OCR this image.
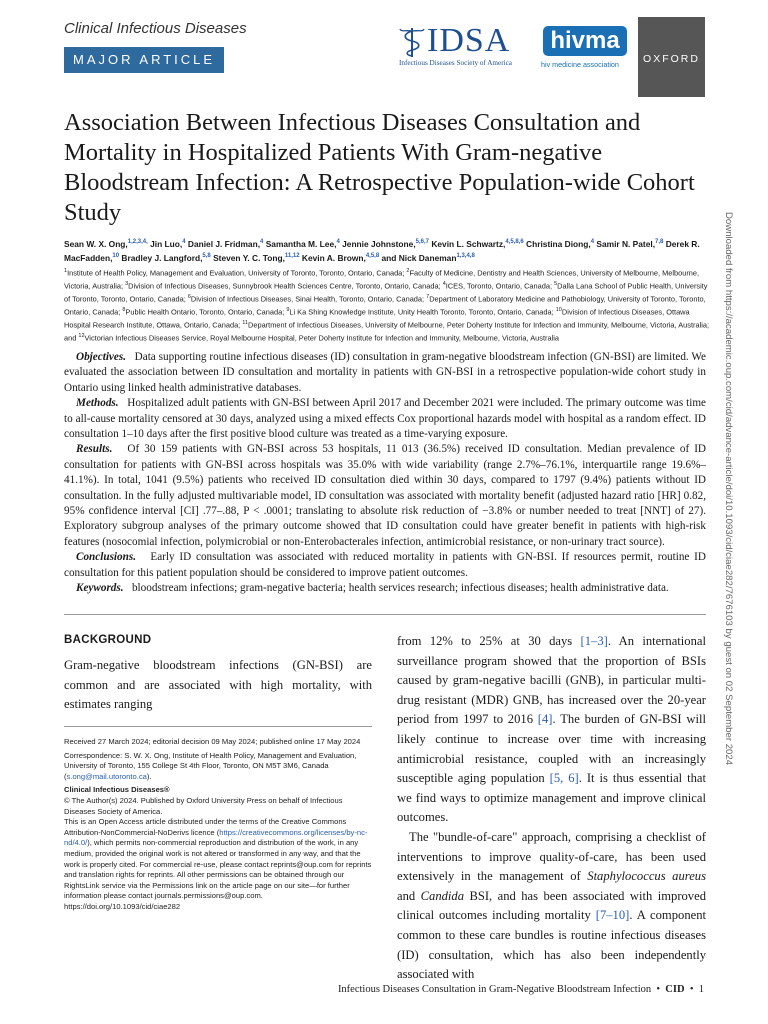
Clinical Infectious Diseases
MAJOR ARTICLE
IDSA
Infectious Diseases Society of America
hivma
hiv medicine association	OXFORD
Association Between Infectious Diseases Consultation and Mortality in Hospitalized Patients With Gram-negative Bloodstream Infection: A Retrospective Population-wide Cohort Study
Sean W. X. Ong,$^{1,2,3,4,}$ Jin Luo,$^4$ Daniel J. Fridman,$^4$ Samantha M. Lee,$^4$ Jennie Johnstone,$^{5,6,7}$ Kevin L. Schwartz,$^{4,5,8,6}$ Christina Diong,$^4$ Samir N. Patel,$^{7,8}$ Derek R. MacFadden,$^{10}$ Bradley J. Langford,$^{5,8}$ Steven Y. C. Tong,$^{11,12}$ Kevin A. Brown,$^{4,5,8}$ and Nick Daneman$^{1,3,4,8}$
$^1$Institute of Health Policy, Management and Evaluation, University of Toronto, Toronto, Ontario, Canada; $^2$Faculty of Medicine, Dentistry and Health Sciences, University of Melbourne, Melbourne, Victoria, Australia; $^3$Division of Infectious Diseases, Sunnybrook Health Sciences Centre, Toronto, Ontario, Canada; $^4$ICES, Toronto, Ontario, Canada; $^5$Dalla Lana School of Public Health, University of Toronto, Toronto, Ontario, Canada; $^6$Division of Infectious Diseases, Sinai Health, Toronto, Ontario, Canada; $^7$Department of Laboratory Medicine and Pathobiology, University of Toronto, Toronto, Ontario, Canada; $^8$Public Health Ontario, Toronto, Ontario, Canada; $^9$Li Ka Shing Knowledge Institute, Unity Health Toronto, Toronto, Ontario, Canada; $^{10}$Division of Infectious Diseases, Ottawa Hospital Research Institute, Ottawa, Ontario, Canada; $^{11}$Department of Infectious Diseases, University of Melbourne, Peter Doherty Institute for Infection and Immunity, Melbourne, Victoria, Australia; and $^{12}$Victorian Infectious Diseases Service, Royal Melbourne Hospital, Peter Doherty Institute for Infection and Immunity, Melbourne, Victoria, Australia

Objectives. Data supporting routine infectious diseases (ID) consultation in gram-negative bloodstream infection (GN-BSI) are limited. We evaluated the association between ID consultation and mortality in patients with GN-BSI in a retrospective population-wide cohort study in Ontario using linked health administrative databases.

Methods. Hospitalized adult patients with GN-BSI between April 2017 and December 2021 were included. The primary outcome was time to all-cause mortality censored at 30 days, analyzed using a mixed effects Cox proportional hazards model with hospital as a random effect. ID consultation 1–10 days after the first positive blood culture was treated as a time-varying exposure.

Results. Of 30 159 patients with GN-BSI across 53 hospitals, 11 013 (36.5%) received ID consultation. Median prevalence of ID consultation for patients with GN-BSI across hospitals was 35.0% with wide variability (range 2.7%–76.1%, interquartile range 19.6%–41.1%). In total, 1041 (9.5%) patients who received ID consultation died within 30 days, compared to 1797 (9.4%) patients without ID consultation. In the fully adjusted multivariable model, ID consultation was associated with mortality benefit (adjusted hazard ratio [HR] 0.82, 95% confidence interval [CI] .77–.88, P < .0001; translating to absolute risk reduction of −3.8% or number needed to treat [NNT] of 27). Exploratory subgroup analyses of the primary outcome showed that ID consultation could have greater benefit in patients with high-risk features (nosocomial infection, polymicrobial or non-Enterobacterales infection, antimicrobial resistance, or non-urinary tract source).

Conclusions. Early ID consultation was associated with reduced mortality in patients with GN-BSI. If resources permit, routine ID consultation for this patient population should be considered to improve patient outcomes.

Keywords. bloodstream infections; gram-negative bacteria; health services research; infectious diseases; health administrative data.

BACKGROUND

Gram-negative bloodstream infections (GN-BSI) are common and are associated with high mortality, with estimates ranging

Received 27 March 2024; editorial decision 09 May 2024; published online 17 May 2024

Correspondence: S. W. X. Ong, Institute of Health Policy, Management and Evaluation, University of Toronto, 155 College St 4th Floor, Toronto, ON M5T 3M6, Canada (s.ong@mail.utoronto.ca).

Clinical Infectious Diseases®

© The Author(s) 2024. Published by Oxford University Press on behalf of Infectious Diseases Society of America.

This is an Open Access article distributed under the terms of the Creative Commons Attribution-NonCommercial-NoDerivs licence (https://creativecommons.org/licenses/by-nc-nd/4.0/), which permits non-commercial reproduction and distribution of the work, in any medium, provided the original work is not altered or transformed in any way, and that the work is properly cited. For commercial re-use, please contact reprints@oup.com for reprints and translation rights for reprints. All other permissions can be obtained through our RightsLink service via the Permissions link on the article page on our site—for further information please contact journals.permissions@oup.com.

https://doi.org/10.1093/cid/ciae282

from 12% to 25% at 30 days [1–3]. An international surveillance program showed that the proportion of BSIs caused by gram-negative bacilli (GNB), in particular multi-drug resistant (MDR) GNB, has increased over the 20-year period from 1997 to 2016 [4]. The burden of GN-BSI will likely continue to increase over time with increasing antimicrobial resistance, coupled with an increasingly susceptible aging population [5, 6]. It is thus essential that we find ways to optimize management and improve clinical outcomes.

The "bundle-of-care" approach, comprising a checklist of interventions to improve quality-of-care, has been used extensively in the management of Staphylococcus aureus and Candida BSI, and has been associated with improved clinical outcomes including mortality [7–10]. A component common to these care bundles is routine infectious diseases (ID) consultation, which has also been independently associated with

Downloaded from https://academic.oup.com/cid/advance-article/doi/10.1093/cid/ciae282/7676103 by guest on 02 September 2024
Infectious Diseases Consultation in Gram-Negative Bloodstream Infection  •  CID  •  1
